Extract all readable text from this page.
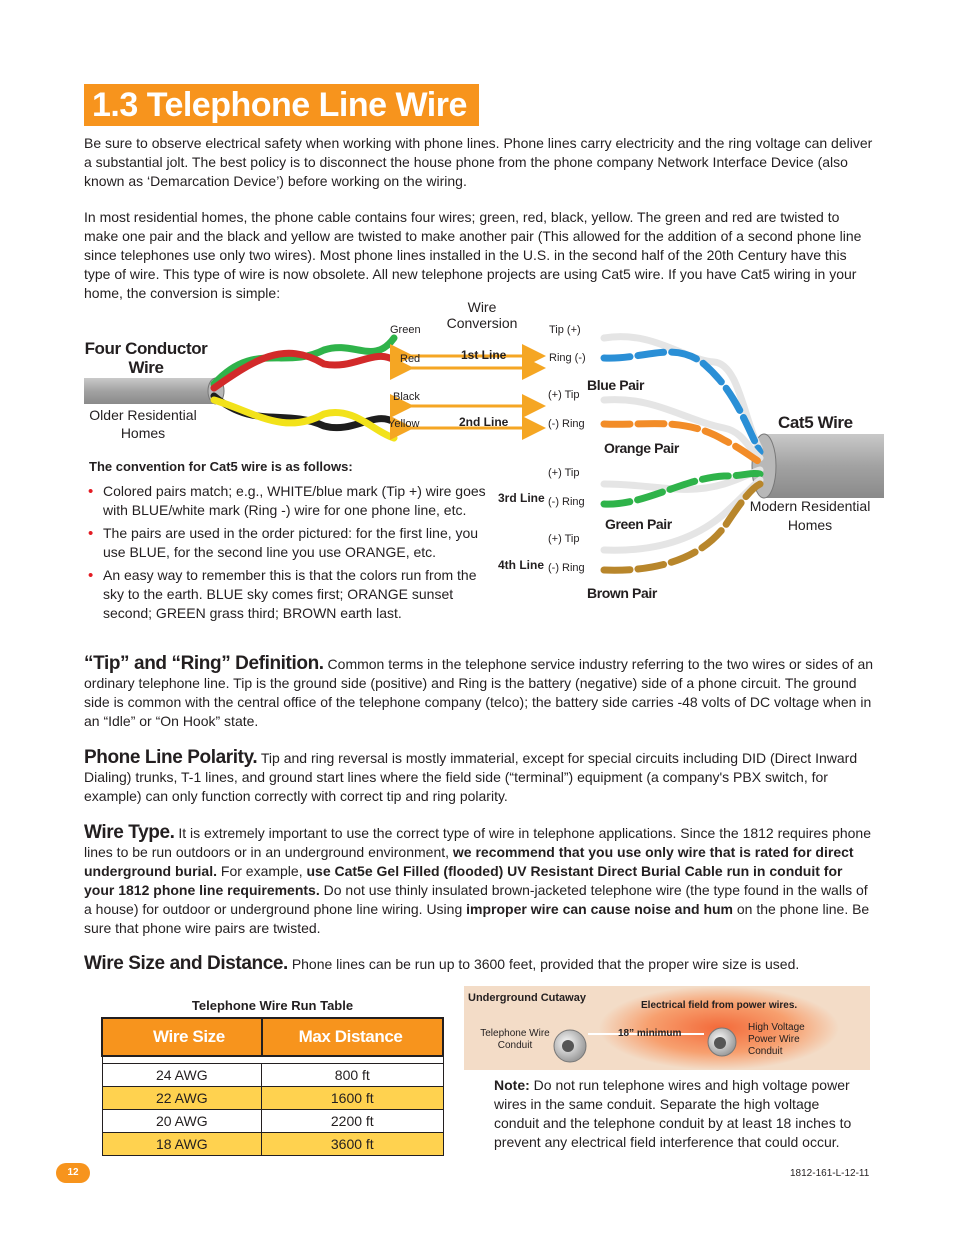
1.3 Telephone Line Wire
Be sure to observe electrical safety when working with phone lines. Phone lines carry electricity and the ring voltage can deliver a substantial jolt. The best policy is to disconnect the house phone from the phone company Network Interface Device (also known as ‘Demarcation Device’) before working on the wiring.
In most residential homes, the phone cable contains four wires; green, red, black, yellow. The green and red are twisted to make one pair and the black and yellow are twisted to make another pair (This allowed for the addition of a second phone line since telephones use only two wires). Most phone lines installed in the U.S. in the second half of the 20th Century have this type of wire. This type of wire is now obsolete. All new telephone projects are using Cat5 wire. If you have Cat5 wiring in your home, the conversion is simple:
Four Conductor Wire
Older Residential Homes
Wire Conversion
Green
Red
Black
Yellow
1st Line
2nd Line
Tip (+)
Ring (-)
Blue Pair
(+) Tip
(-) Ring
Orange Pair
(+) Tip
3rd Line (-) Ring
Green Pair
(+) Tip
4th Line (-) Ring
Brown Pair
Cat5 Wire
Modern Residential Homes
The convention for Cat5 wire is as follows:
• Colored pairs match; e.g., WHITE/blue mark (Tip +) wire goes with BLUE/white mark (Ring -) wire for one phone line, etc.
• The pairs are used in the order pictured: for the first line, you use BLUE, for the second line you use ORANGE, etc.
• An easy way to remember this is that the colors run from the sky to the earth. BLUE sky comes first; ORANGE sunset second; GREEN grass third; BROWN earth last.
“Tip” and “Ring” Definition. Common terms in the telephone service industry referring to the two wires or sides of an ordinary telephone line. Tip is the ground side (positive) and Ring is the battery (negative) side of a phone circuit. The ground side is common with the central office of the telephone company (telco); the battery side carries -48 volts of DC voltage when in an “Idle” or “On Hook” state.
Phone Line Polarity. Tip and ring reversal is mostly immaterial, except for special circuits including DID (Direct Inward Dialing) trunks, T-1 lines, and ground start lines where the field side (“terminal”) equipment (a company's PBX switch, for example) can only function correctly with correct tip and ring polarity.
Wire Type. It is extremely important to use the correct type of wire in telephone applications. Since the 1812 requires phone lines to be run outdoors or in an underground environment, we recommend that you use only wire that is rated for direct underground burial. For example, use Cat5e Gel Filled (flooded) UV Resistant Direct Burial Cable run in conduit for your 1812 phone line requirements. Do not use thinly insulated brown-jacketed telephone wire (the type found in the walls of a house) for outdoor or underground phone line wiring. Using improper wire can cause noise and hum on the phone line. Be sure that phone wire pairs are twisted.
Wire Size and Distance. Phone lines can be run up to 3600 feet, provided that the proper wire size is used.
Telephone Wire Run Table
Wire Size	Max Distance

24 AWG	800 ft
22 AWG	1600 ft
20 AWG	2200 ft
18 AWG	3600 ft
Underground Cutaway
Electrical field from power wires.
Telephone Wire Conduit
18” minimum
High Voltage Power Wire Conduit
Note: Do not run telephone wires and high voltage power wires in the same conduit. Separate the high voltage conduit and the telephone conduit by at least 18 inches to prevent any electrical field interference that could occur.
12	1812-161-L-12-11
